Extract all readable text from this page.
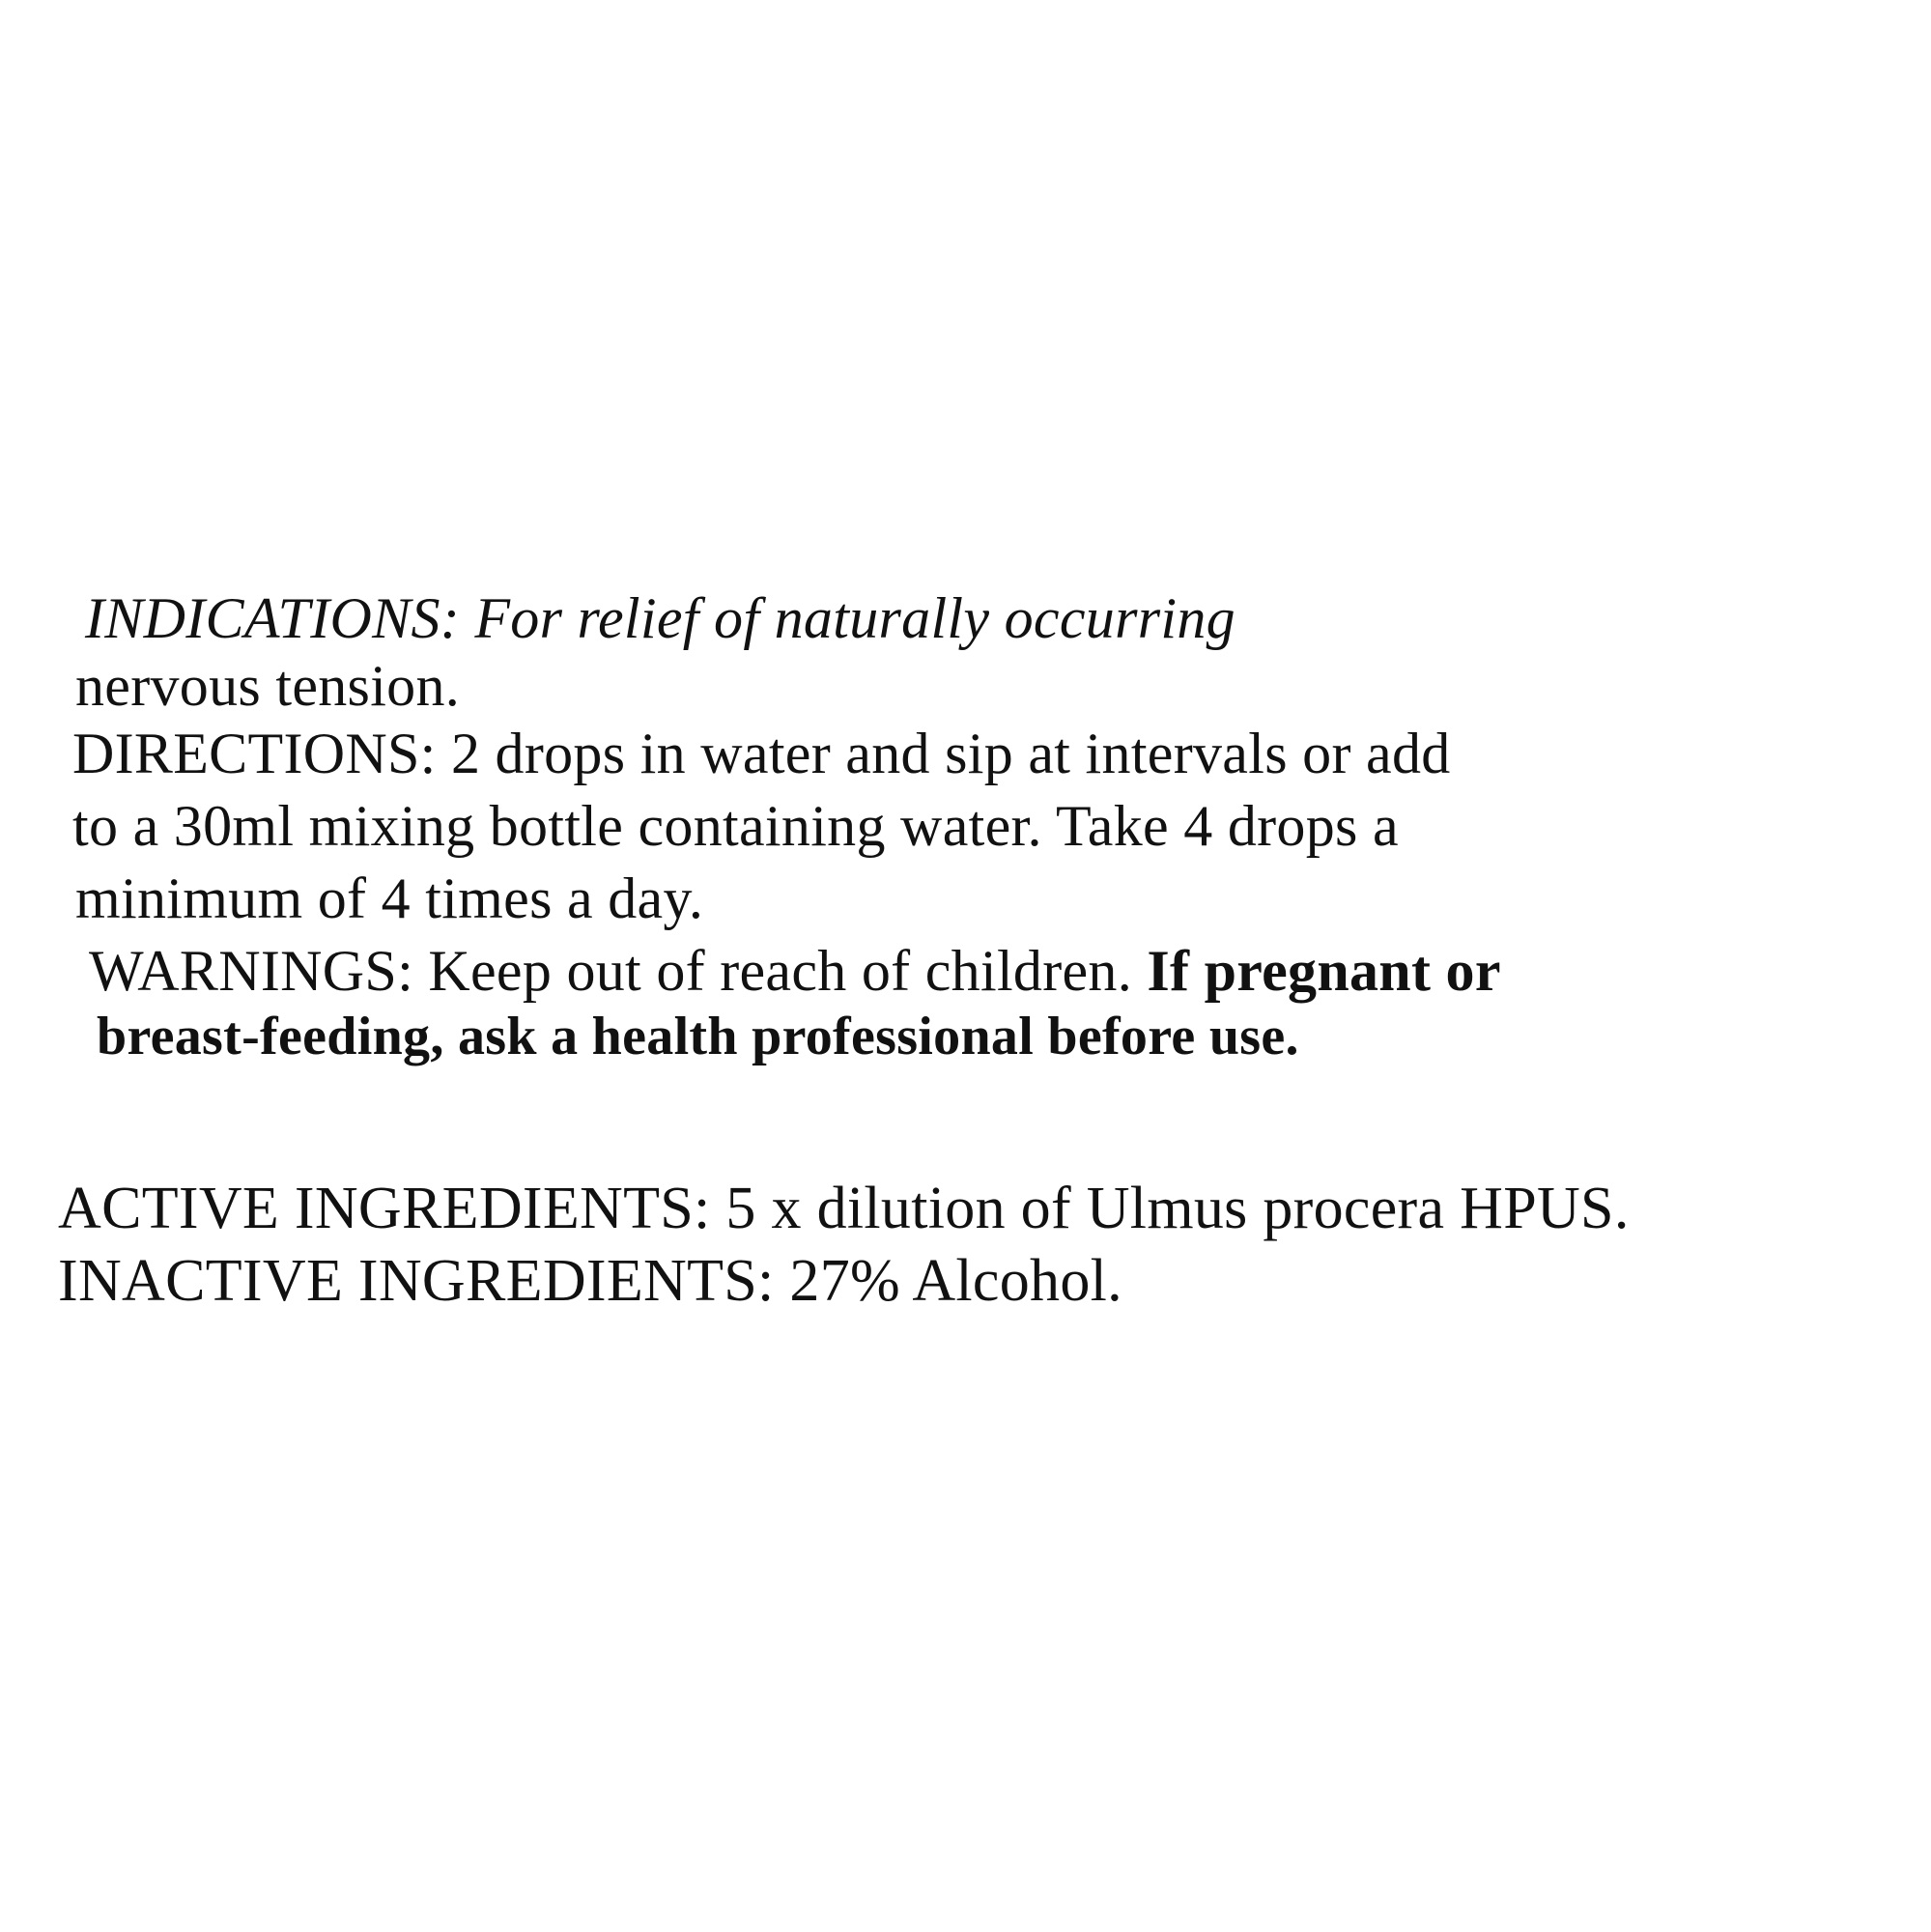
INDICATIONS: For relief of naturally occurring
nervous tension.
DIRECTIONS: 2 drops in water and sip at intervals or add
to a 30ml mixing bottle containing water. Take 4 drops a
minimum of 4 times a day.
WARNINGS: Keep out of reach of children. If pregnant or
breast-feeding, ask a health professional before use.
ACTIVE INGREDIENTS: 5 x dilution of Ulmus procera HPUS.
INACTIVE INGREDIENTS: 27% Alcohol.
